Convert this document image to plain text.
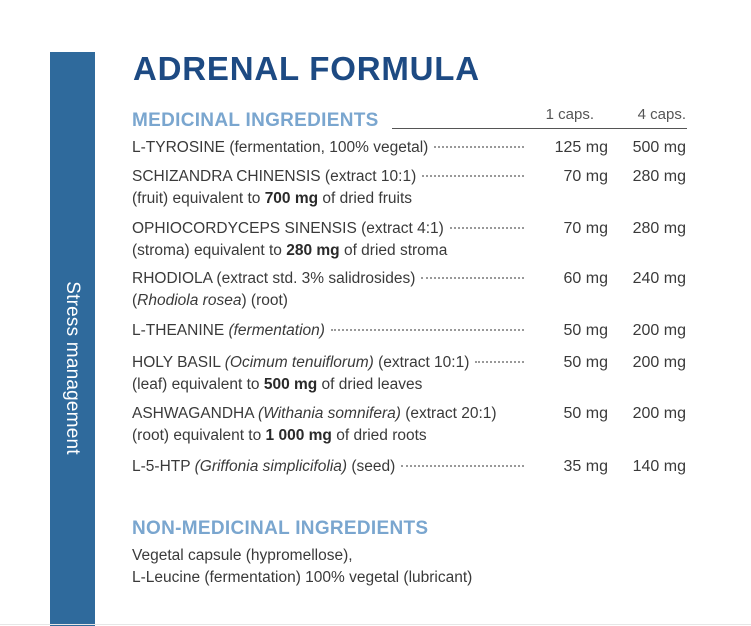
Stress management
ADRENAL FORMULA
MEDICINAL INGREDIENTS	1 caps.	4 caps.
L-TYROSINE (fermentation, 100% vegetal)	125 mg	500 mg
SCHIZANDRA CHINENSIS (extract 10:1)
(fruit) equivalent to 700 mg of dried fruits
70 mg	280 mg
OPHIOCORDYCEPS SINENSIS (extract 4:1)
(stroma) equivalent to 280 mg of dried stroma
70 mg	280 mg
RHODIOLA (extract std. 3% salidrosides)
(Rhodiola rosea) (root)
60 mg	240 mg
L-THEANINE (fermentation)	50 mg	200 mg
HOLY BASIL (Ocimum tenuiflorum) (extract 10:1)
(leaf) equivalent to 500 mg of dried leaves
50 mg	200 mg
ASHWAGANDHA (Withania somnifera) (extract 20:1)
(root) equivalent to 1 000 mg of dried roots
50 mg	200 mg
L-5-HTP (Griffonia simplicifolia) (seed)	35 mg	140 mg
NON-MEDICINAL INGREDIENTS
Vegetal capsule (hypromellose),
L-Leucine (fermentation) 100% vegetal (lubricant)
